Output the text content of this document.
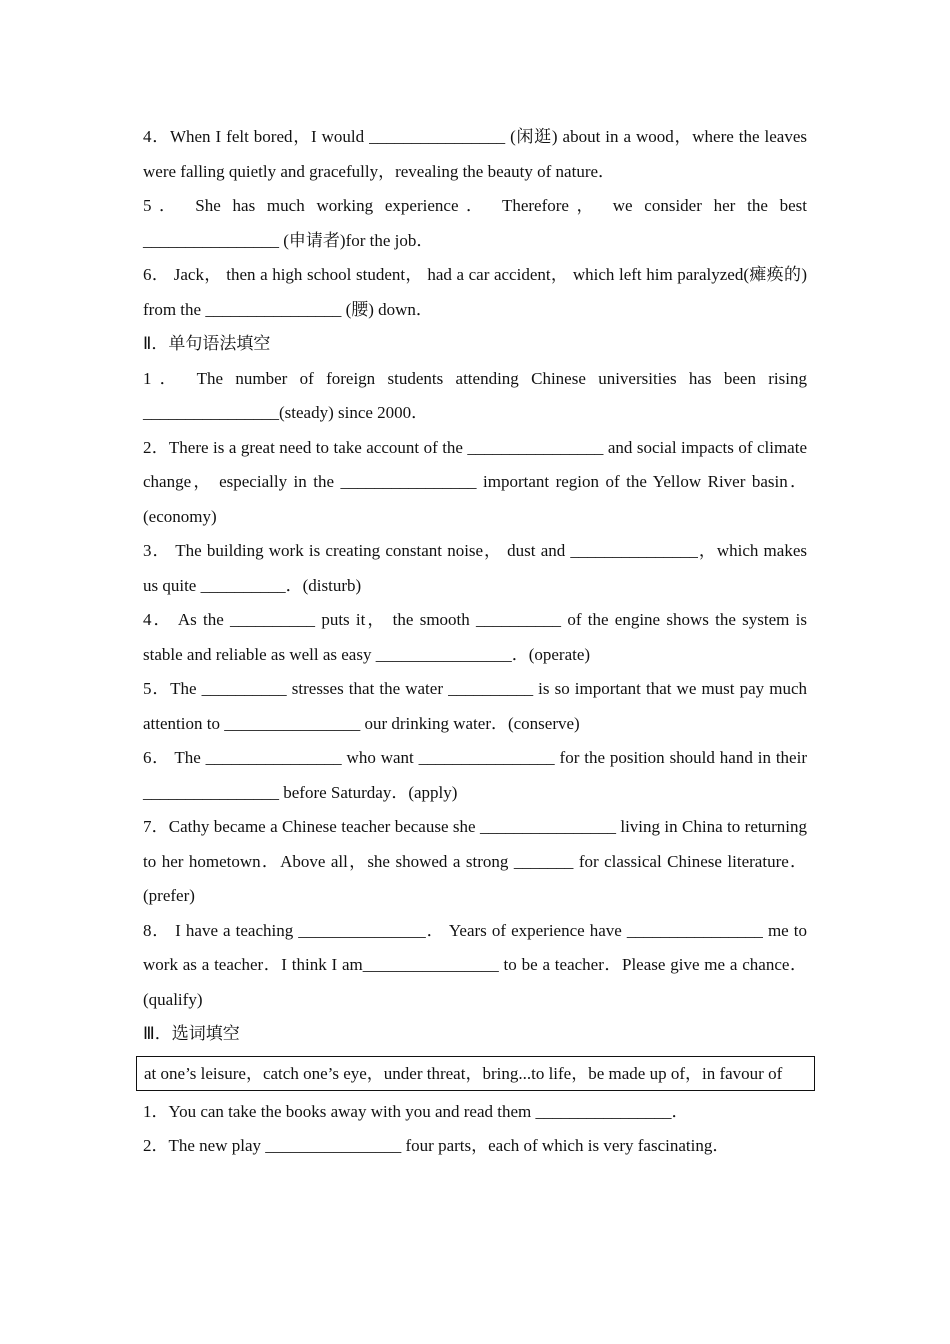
4．When I felt bored，I would ________________ (闲逛) about in a wood，where the leaves were falling quietly and gracefully，revealing the beauty of nature．

5． She has much working experience． Therefore， we consider her the best ________________ (申请者)for the job．

6． Jack， then a high school student， had a car accident， which left him paralyzed(瘫痪的) from the ________________ (腰) down．

Ⅱ．单句语法填空

1． The number of foreign students attending Chinese universities has been rising ________________(steady) since 2000．

2．There is a great need to take account of the ________________ and social impacts of climate change， especially in the ________________ important region of the Yellow River basin．(economy)

3． The building work is creating constant noise， dust and _______________，which makes us quite __________．(disturb)

4． As the __________ puts it， the smooth __________ of the engine shows the system is stable and reliable as well as easy ________________．(operate)

5．The __________ stresses that the water __________ is so important that we must pay much attention to ________________ our drinking water．(conserve)

6． The ________________ who want ________________ for the position should hand in their ________________ before Saturday．(apply)

7．Cathy became a Chinese teacher because she ________________ living in China to returning to her hometown．Above all，she showed a strong _______ for classical Chinese literature．(prefer)

8． I have a teaching _______________． Years of experience have ________________ me to work as a teacher．I think I am________________ to be a teacher．Please give me a chance．(qualify)

Ⅲ．选词填空

at one’s leisure，catch one’s eye，under threat，bring...to life，be made up of，in favour of

1．You can take the books away with you and read them ________________．

2．The new play ________________ four parts，each of which is very fascinating．
